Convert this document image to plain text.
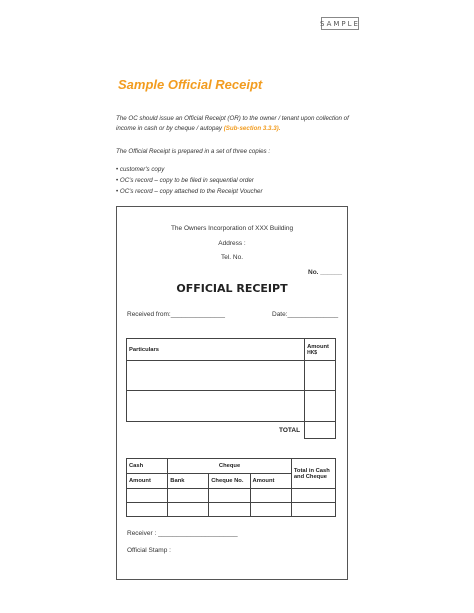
SAMPLE
Sample Official Receipt
The OC should issue an Official Receipt (OR) to the owner / tenant upon collection of income in cash or by cheque / autopay (Sub-section 3.3.3).
The Official Receipt is prepared in a set of three copies :
• customer's copy
• OC's record – copy to be filed in sequential order
• OC's record – copy attached to the Receipt Voucher
The Owners Incorporation of XXX Building
Address :
Tel. No.
No. ______
OFFICIAL RECEIPT
Received from:_______________	Date:______________
Particulars	Amount
HK$

TOTAL	
Cash	Cheque			Total in Cash and Cheque
Amount	Bank	Cheque No.	Amount	

Receiver : ______________________
Official Stamp :
